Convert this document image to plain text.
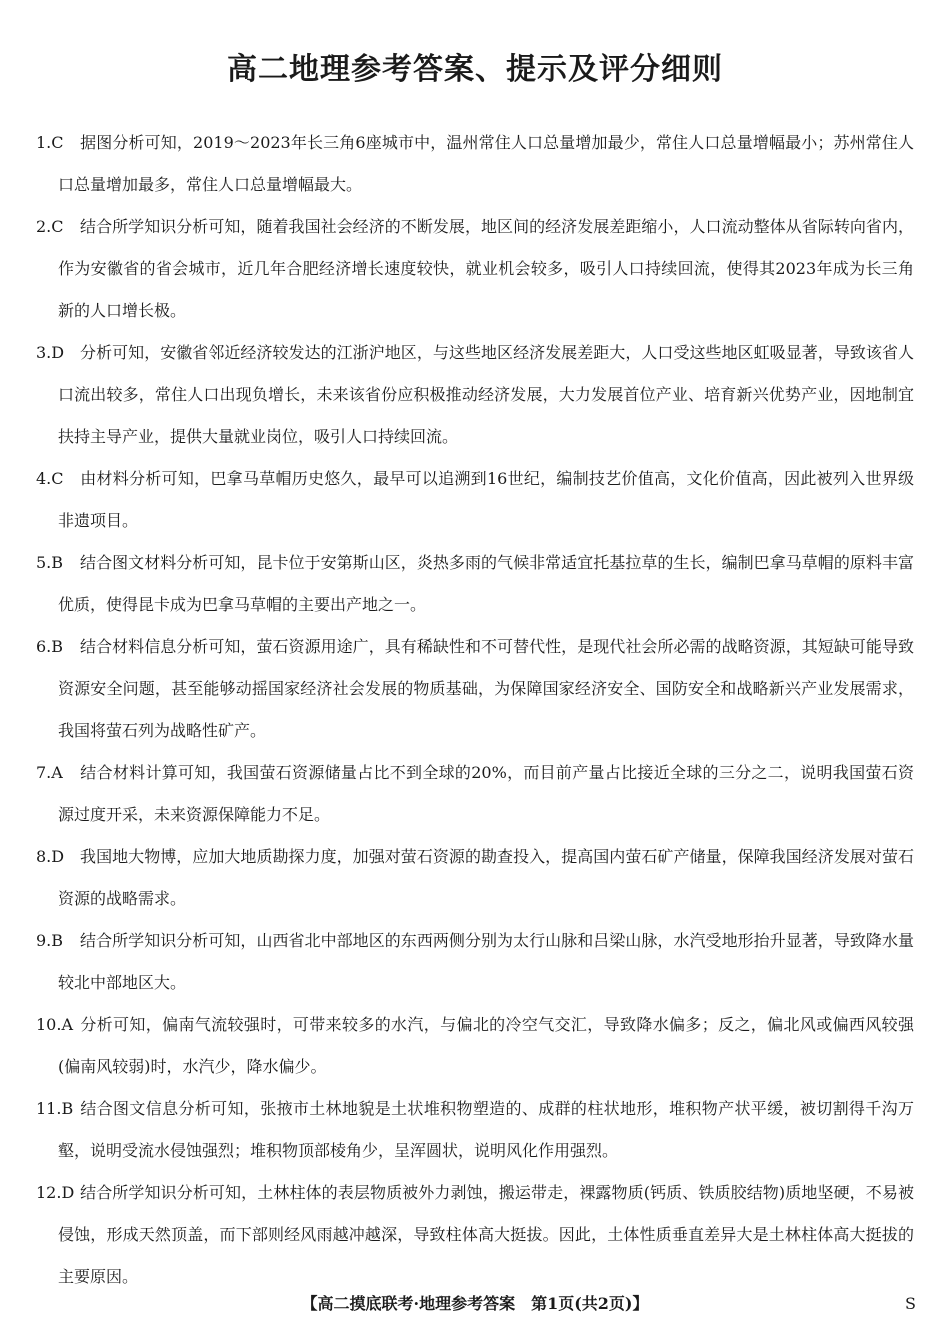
高二地理参考答案、提示及评分细则

1.C 据图分析可知，2019～2023年长三角6座城市中，温州常住人口总量增加最少，常住人口总量增幅最小；苏州常住人口总量增加最多，常住人口总量增幅最大。

2.C 结合所学知识分析可知，随着我国社会经济的不断发展，地区间的经济发展差距缩小，人口流动整体从省际转向省内，作为安徽省的省会城市，近几年合肥经济增长速度较快，就业机会较多，吸引人口持续回流，使得其2023年成为长三角新的人口增长极。

3.D 分析可知，安徽省邻近经济较发达的江浙沪地区，与这些地区经济发展差距大，人口受这些地区虹吸显著，导致该省人口流出较多，常住人口出现负增长，未来该省份应积极推动经济发展，大力发展首位产业、培育新兴优势产业，因地制宜扶持主导产业，提供大量就业岗位，吸引人口持续回流。

4.C 由材料分析可知，巴拿马草帽历史悠久，最早可以追溯到16世纪，编制技艺价值高，文化价值高，因此被列入世界级非遗项目。

5.B 结合图文材料分析可知，昆卡位于安第斯山区，炎热多雨的气候非常适宜托基拉草的生长，编制巴拿马草帽的原料丰富优质，使得昆卡成为巴拿马草帽的主要出产地之一。

6.B 结合材料信息分析可知，萤石资源用途广，具有稀缺性和不可替代性，是现代社会所必需的战略资源，其短缺可能导致资源安全问题，甚至能够动摇国家经济社会发展的物质基础，为保障国家经济安全、国防安全和战略新兴产业发展需求，我国将萤石列为战略性矿产。

7.A 结合材料计算可知，我国萤石资源储量占比不到全球的20%，而目前产量占比接近全球的三分之二，说明我国萤石资源过度开采，未来资源保障能力不足。

8.D 我国地大物博，应加大地质勘探力度，加强对萤石资源的勘查投入，提高国内萤石矿产储量，保障我国经济发展对萤石资源的战略需求。

9.B 结合所学知识分析可知，山西省北中部地区的东西两侧分别为太行山脉和吕梁山脉，水汽受地形抬升显著，导致降水量较北中部地区大。

10.A 分析可知，偏南气流较强时，可带来较多的水汽，与偏北的冷空气交汇，导致降水偏多；反之，偏北风或偏西风较强(偏南风较弱)时，水汽少，降水偏少。

11.B 结合图文信息分析可知，张掖市土林地貌是土状堆积物塑造的、成群的柱状地形，堆积物产状平缓，被切割得千沟万壑，说明受流水侵蚀强烈；堆积物顶部棱角少，呈浑圆状，说明风化作用强烈。

12.D 结合所学知识分析可知，土林柱体的表层物质被外力剥蚀，搬运带走，裸露物质(钙质、铁质胶结物)质地坚硬，不易被侵蚀，形成天然顶盖，而下部则经风雨越冲越深，导致柱体高大挺拔。因此，土体性质垂直差异大是土林柱体高大挺拔的主要原因。

【高二摸底联考·地理参考答案　第1页(共2页)】	S
